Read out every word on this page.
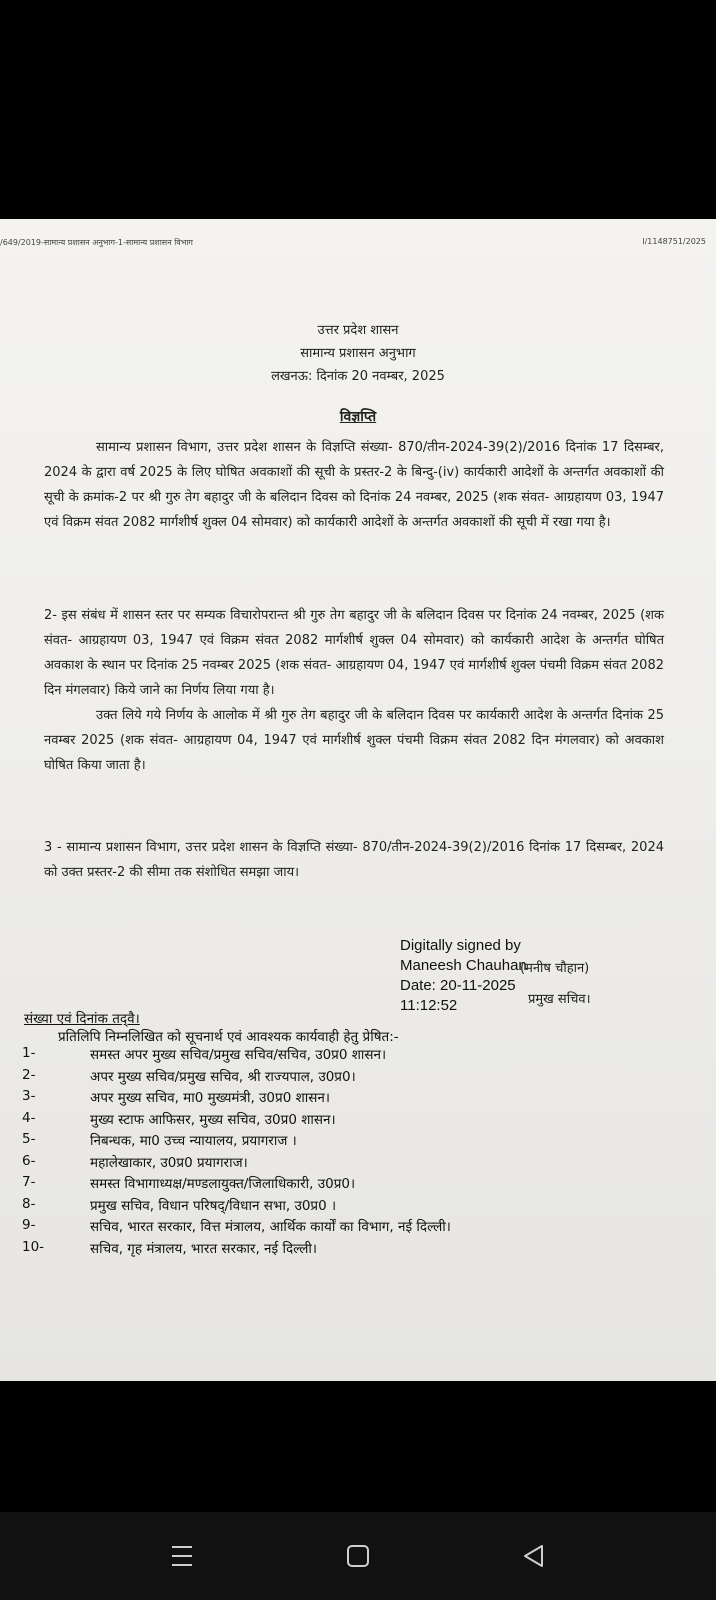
/649/2019-सामान्य प्रशासन अनुभाग-1-सामान्य प्रशासन विभाग	I/1148751/2025
उत्तर प्रदेश शासन
सामान्य प्रशासन अनुभाग
लखनऊ: दिनांक 20 नवम्बर, 2025
विज्ञप्ति

सामान्य प्रशासन विभाग, उत्तर प्रदेश शासन के विज्ञप्ति संख्या- 870/तीन-2024-39(2)/2016 दिनांक 17 दिसम्बर, 2024 के द्वारा वर्ष 2025 के लिए घोषित अवकाशों की सूची के प्रस्तर-2 के बिन्दु-(iv) कार्यकारी आदेशों के अन्तर्गत अवकाशों की सूची के क्रमांक-2 पर श्री गुरु तेग बहादुर जी के बलिदान दिवस को दिनांक 24 नवम्बर, 2025 (शक संवत- आग्रहायण 03, 1947 एवं विक्रम संवत 2082 मार्गशीर्ष शुक्ल 04 सोमवार) को कार्यकारी आदेशों के अन्तर्गत अवकाशों की सूची में रखा गया है।

2- इस संबंध में शासन स्तर पर सम्यक विचारोपरान्त श्री गुरु तेग बहादुर जी के बलिदान दिवस पर दिनांक 24 नवम्बर, 2025 (शक संवत- आग्रहायण 03, 1947 एवं विक्रम संवत 2082 मार्गशीर्ष शुक्ल 04 सोमवार) को कार्यकारी आदेश के अन्तर्गत घोषित अवकाश के स्थान पर दिनांक 25 नवम्बर 2025 (शक संवत- आग्रहायण 04, 1947 एवं मार्गशीर्ष शुक्ल पंचमी विक्रम संवत 2082 दिन मंगलवार) किये जाने का निर्णय लिया गया है।

उक्त लिये गये निर्णय के आलोक में श्री गुरु तेग बहादुर जी के बलिदान दिवस पर कार्यकारी आदेश के अन्तर्गत दिनांक 25 नवम्बर 2025 (शक संवत- आग्रहायण 04, 1947 एवं मार्गशीर्ष शुक्ल पंचमी विक्रम संवत 2082 दिन मंगलवार) को अवकाश घोषित किया जाता है।

3 - सामान्य प्रशासन विभाग, उत्तर प्रदेश शासन के विज्ञप्ति संख्या- 870/तीन-2024-39(2)/2016 दिनांक 17 दिसम्बर, 2024 को उक्त प्रस्तर-2 की सीमा तक संशोधित समझा जाय।

Digitally signed by
Maneesh Chauhan
Date: 20-11-2025
11:12:52
(मनीष चौहान)
प्रमुख सचिव।
संख्या एवं दिनांक तद्‌वै।
प्रतिलिपि निम्नलिखित को सूचनार्थ एवं आवश्यक कार्यवाही हेतु प्रेषित:-
1-	समस्त अपर मुख्य सचिव/प्रमुख सचिव/सचिव, उ0प्र0 शासन।
2-	अपर मुख्य सचिव/प्रमुख सचिव, श्री राज्यपाल, उ0प्र0।
3-	अपर मुख्य सचिव, मा0 मुख्यमंत्री, उ0प्र0 शासन।
4-	मुख्य स्टाफ आफिसर, मुख्य सचिव, उ0प्र0 शासन।
5-	निबन्धक, मा0 उच्च न्यायालय, प्रयागराज ।
6-	महालेखाकार, उ0प्र0 प्रयागराज।
7-	समस्त विभागाध्यक्ष/मण्डलायुक्त/जिलाधिकारी, उ0प्र0।
8-	प्रमुख सचिव, विधान परिषद्/विधान सभा, उ0प्र0 ।
9-	सचिव, भारत सरकार, वित्त मंत्रालय, आर्थिक कार्यों का विभाग, नई दिल्ली।
10-	सचिव, गृह मंत्रालय, भारत सरकार, नई दिल्ली।
